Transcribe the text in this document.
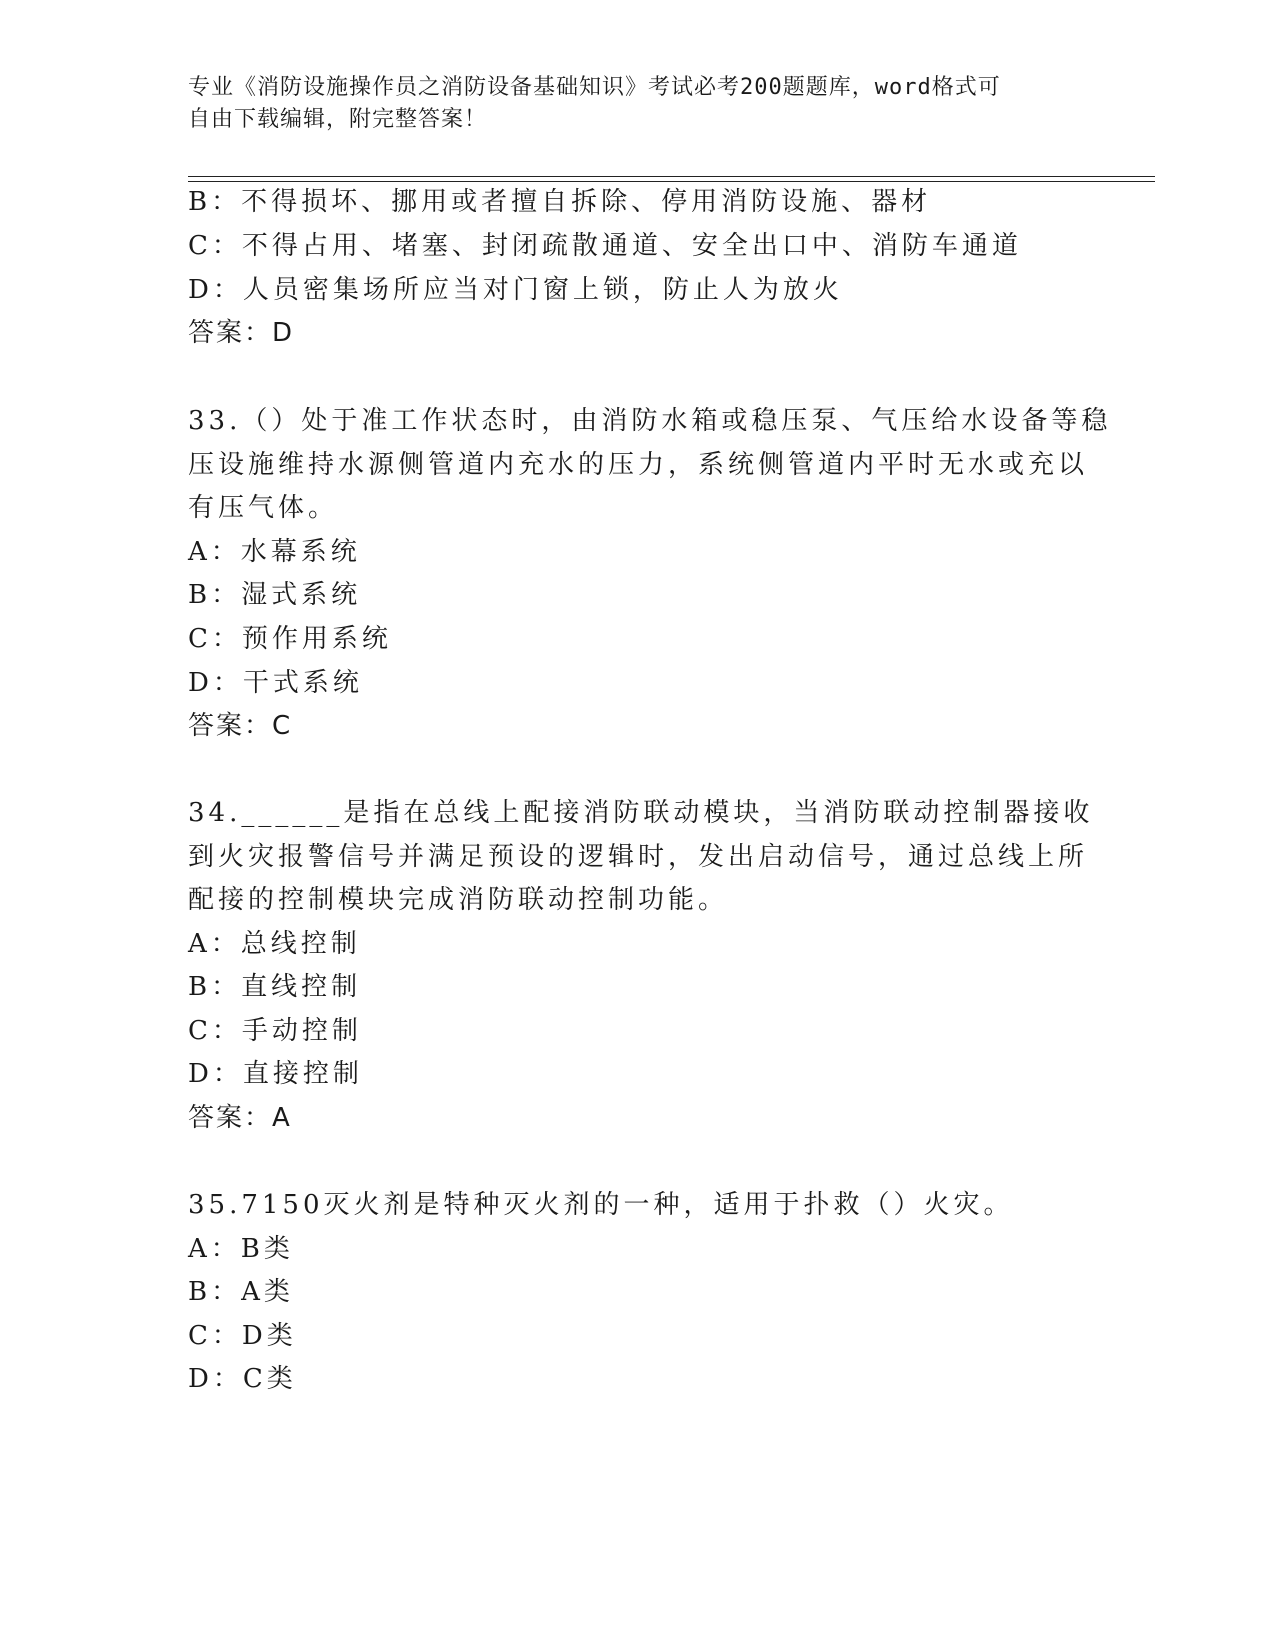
专业《消防设施操作员之消防设备基础知识》考试必考200题题库，word格式可
自由下载编辑，附完整答案！
B：不得损坏、挪用或者擅自拆除、停用消防设施、器材
C：不得占用、堵塞、封闭疏散通道、安全出口中、消防车通道
D：人员密集场所应当对门窗上锁，防止人为放火
答案：D
33.（）处于准工作状态时，由消防水箱或稳压泵、气压给水设备等稳
压设施维持水源侧管道内充水的压力，系统侧管道内平时无水或充以
有压气体。
A：水幕系统
B：湿式系统
C：预作用系统
D：干式系统
答案：C
34.______是指在总线上配接消防联动模块，当消防联动控制器接收
到火灾报警信号并满足预设的逻辑时，发出启动信号，通过总线上所
配接的控制模块完成消防联动控制功能。
A：总线控制
B：直线控制
C：手动控制
D：直接控制
答案：A
35.7150灭火剂是特种灭火剂的一种，适用于扑救（）火灾。
A：B类
B：A类
C：D类
D：C类
